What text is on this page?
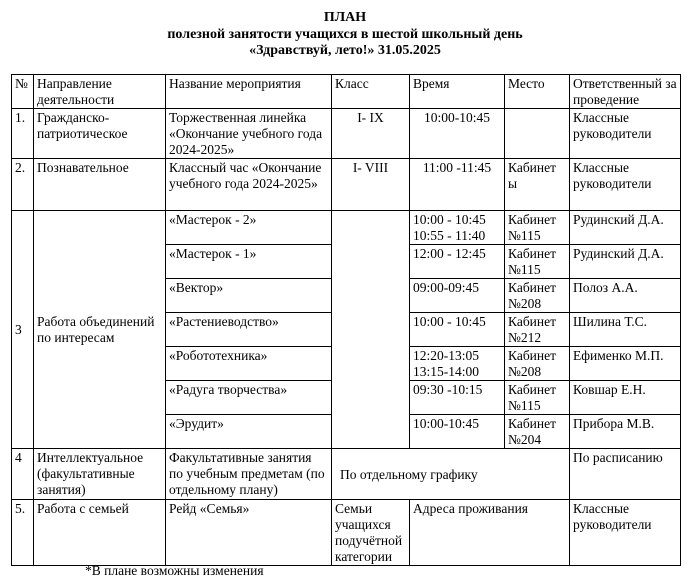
ПЛАН
полезной занятости учащихся в шестой школьный день
«Здравствуй, лето!» 31.05.2025
№	Направление деятельности	Название мероприятия	Класс	Время	Место	Ответственный за проведение
1.	Гражданско-патриотическое	Торжественная линейка «Окончание учебного года 2024-2025»	I- IX	10:00-10:45		Классные руководители
2.	Познавательное	Классный час «Окончание учебного года 2024-2025»	I- VIII	11:00 -11:45	Кабинет ы	Классные руководители
3	Работа объединений по интересам	«Мастерок - 2»		10:00 - 10:45 10:55 - 11:40	Кабинет №115	Рудинский Д.А.
		«Мастерок - 1»		12:00 - 12:45	Кабинет №115	Рудинский Д.А.
		«Вектор»		09:00-09:45	Кабинет №208	Полоз А.А.
		«Растениеводство»		10:00 - 10:45	Кабинет №212	Шилина Т.С.
		«Робототехника»		12:20-13:05 13:15-14:00	Кабинет №208	Ефименко М.П.
		«Радуга творчества»		09:30 -10:15	Кабинет №115	Ковшар Е.Н.
		«Эрудит»		10:00-10:45	Кабинет №204	Прибора М.В.
4	Интеллектуальное (факультативные занятия)	Факультативные занятия по учебным предметам (по отдельному плану)	По отдельному графику			По расписанию
5.	Работа с семьей	Рейд «Семья»	Семьи учащихся подучётной категории	Адреса проживания		Классные руководители
*В плане возможны изменения
